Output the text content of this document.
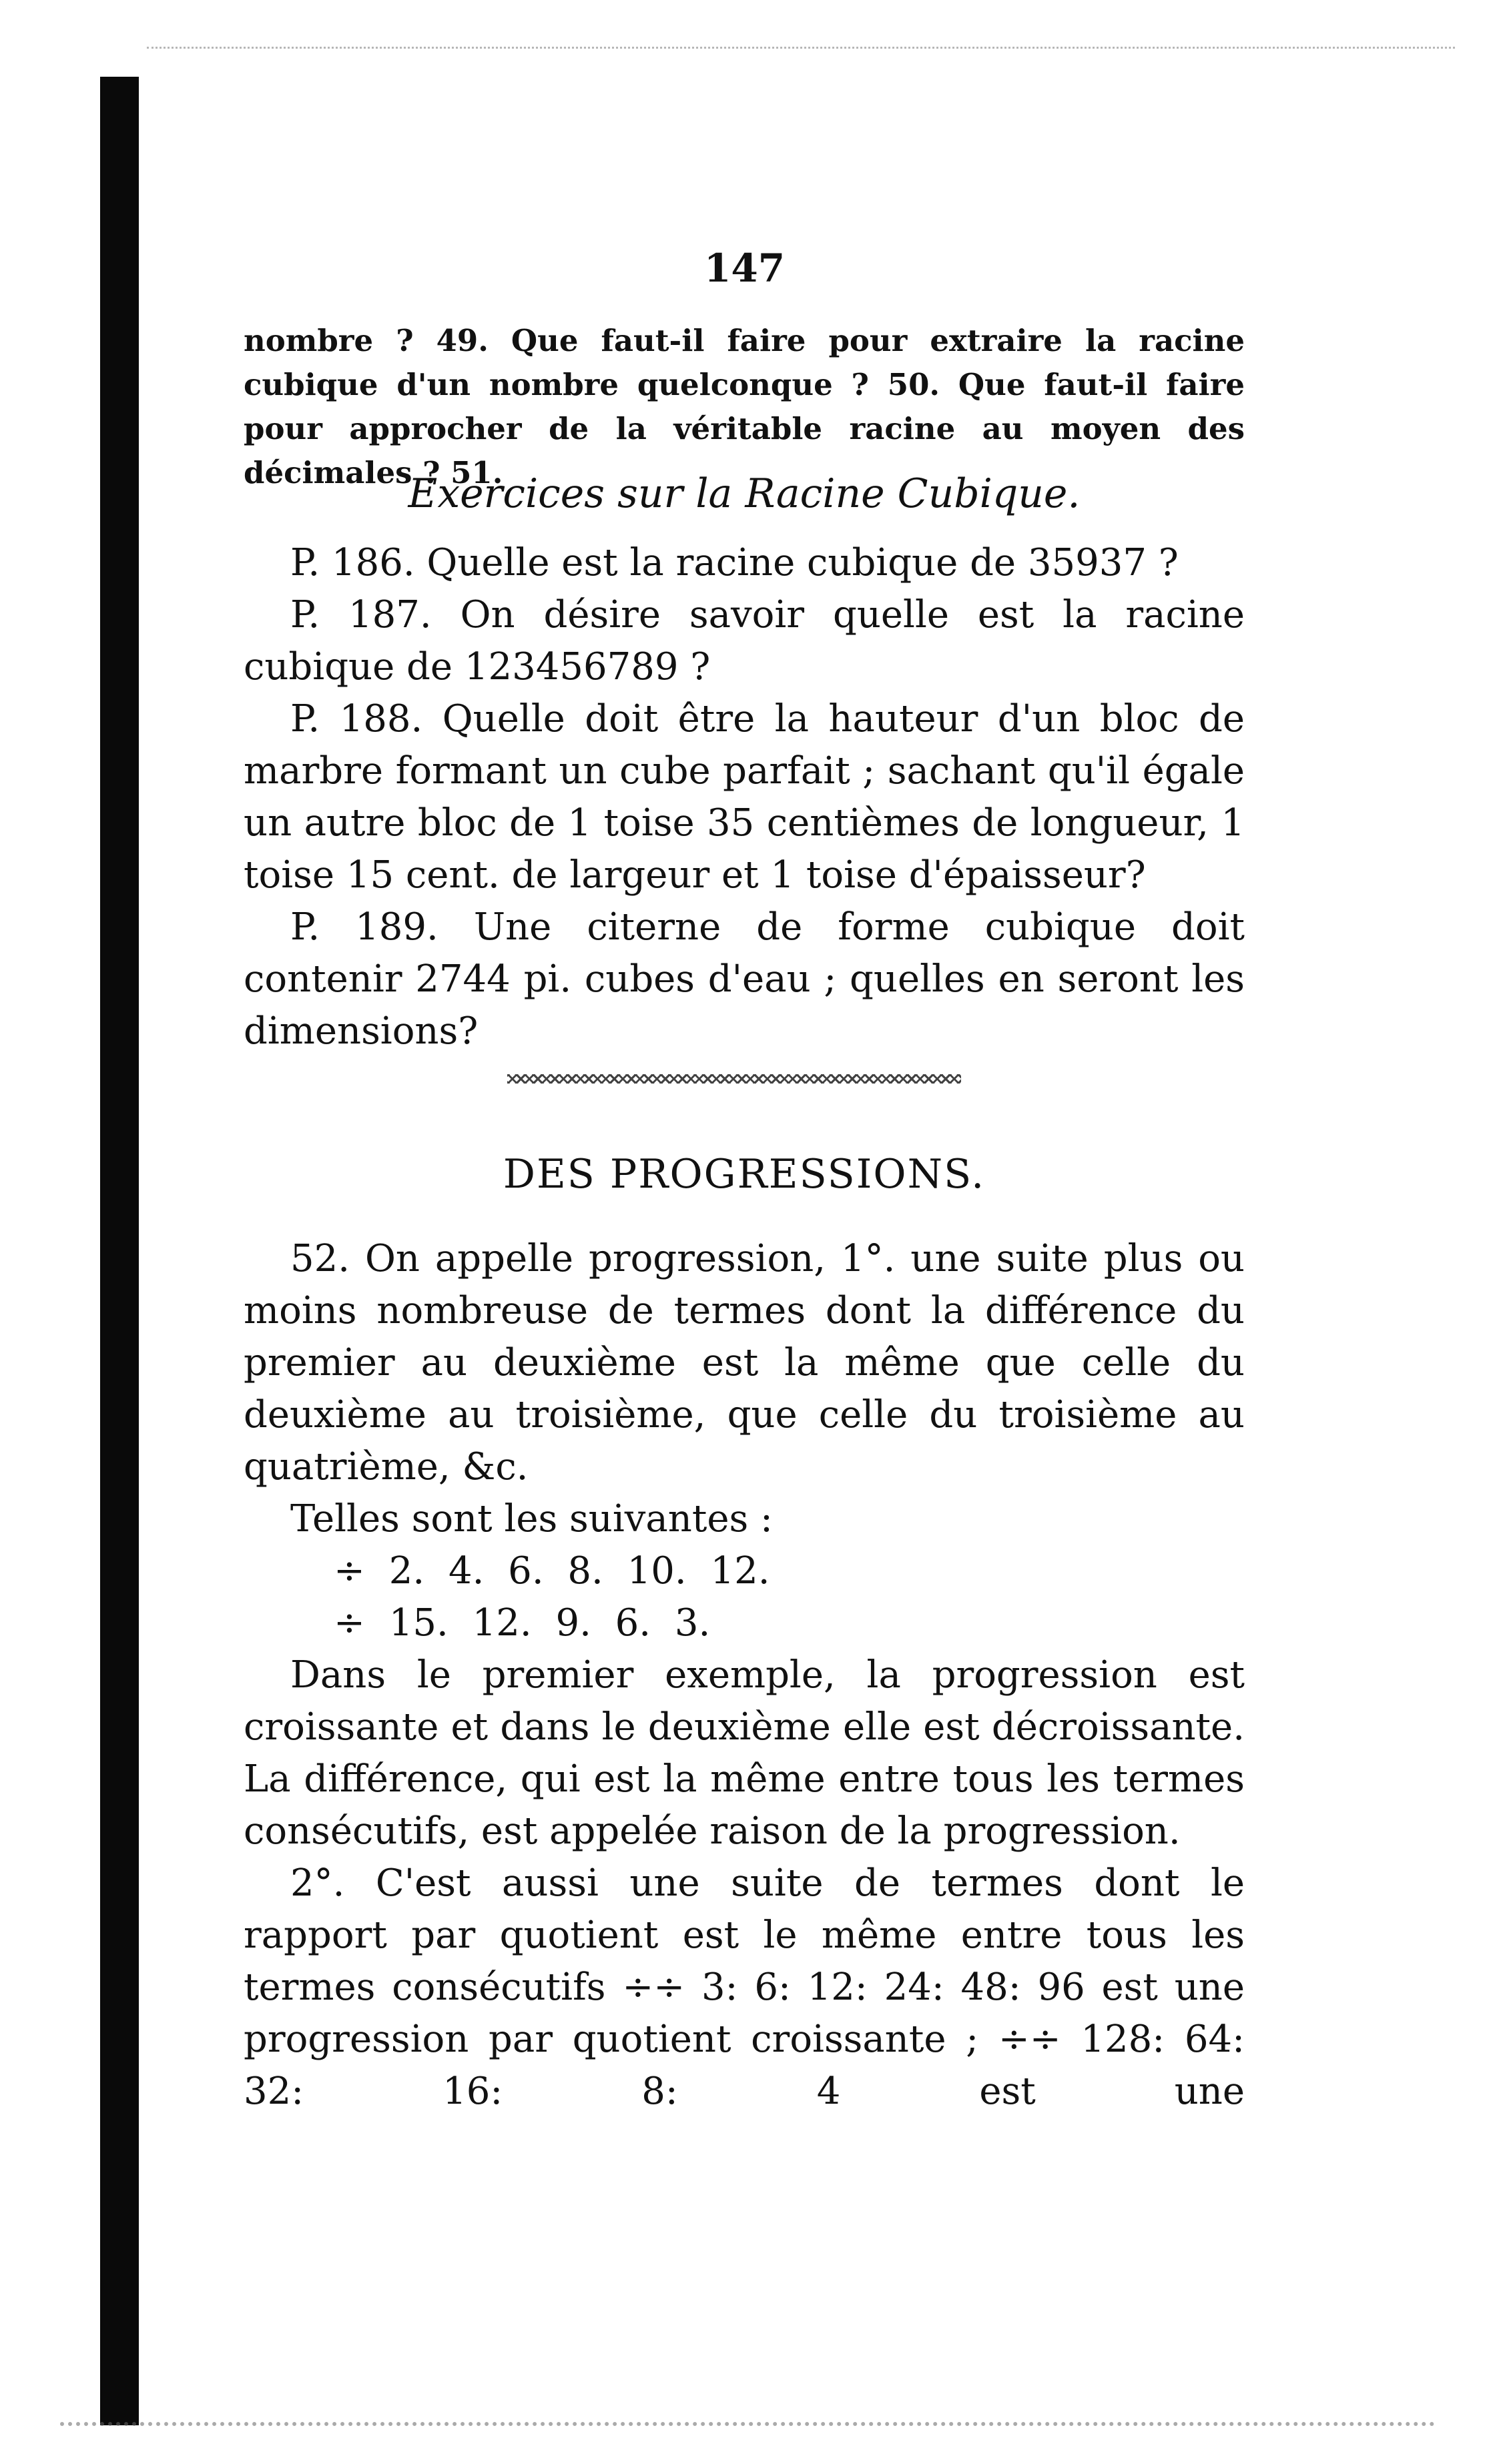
147
nombre ? 49. Que faut-il faire pour extraire la racine cubique d'un nombre quelconque ? 50. Que faut-il faire pour approcher de la véritable racine au moyen des décimales ? 51.
Exercices sur la Racine Cubique.

P. 186. Quelle est la racine cubique de 35937 ?

P. 187. On désire savoir quelle est la racine cubique de 123456789 ?

P. 188. Quelle doit être la hauteur d'un bloc de marbre formant un cube parfait ; sachant qu'il égale un autre bloc de 1 toise 35 centièmes de longueur, 1 toise 15 cent. de largeur et 1 toise d'épaisseur?

P. 189. Une citerne de forme cubique doit contenir 2744 pi. cubes d'eau ; quelles en seront les dimensions?

DES PROGRESSIONS.

52. On appelle progression, 1°. une suite plus ou moins nombreuse de termes dont la différence du premier au deuxième est la même que celle du deuxième au troisième, que celle du troisième au quatrième, &c.

Telles sont les suivantes :

÷ 2. 4. 6. 8. 10. 12.

÷ 15. 12. 9. 6. 3.

Dans le premier exemple, la progression est croissante et dans le deuxième elle est décroissante. La différence, qui est la même entre tous les termes consécutifs, est appelée raison de la progression.

2°. C'est aussi une suite de termes dont le rapport par quotient est le même entre tous les termes consécutifs ÷÷ 3: 6: 12: 24: 48: 96 est une progression par quotient croissante ; ÷÷ 128: 64: 32: 16: 8: 4 est une
